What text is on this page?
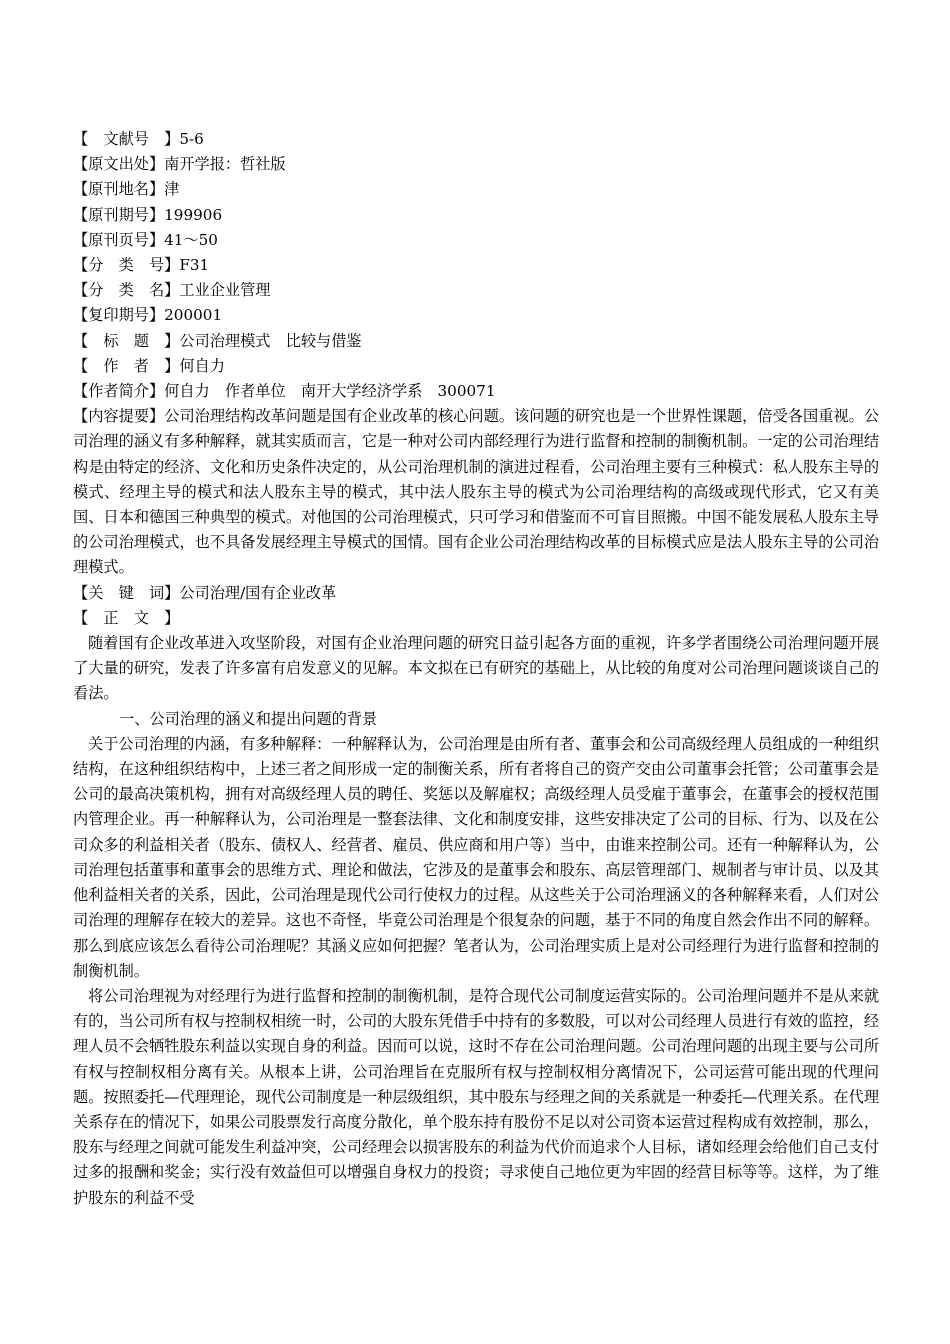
【　文献号　】5-6
【原文出处】南开学报：哲社版
【原刊地名】津
【原刊期号】199906
【原刊页号】41～50
【分　类　号】F31
【分　类　名】工业企业管理
【复印期号】200001
【　标　题　】公司治理模式　比较与借鉴
【　作　者　】何自力
【作者简介】何自力　作者单位　南开大学经济学系　300071
【内容提要】公司治理结构改革问题是国有企业改革的核心问题。该问题的研究也是一个世界性课题，倍受各国重视。公司治理的涵义有多种解释，就其实质而言，它是一种对公司内部经理行为进行监督和控制的制衡机制。一定的公司治理结构是由特定的经济、文化和历史条件决定的，从公司治理机制的演进过程看，公司治理主要有三种模式：私人股东主导的模式、经理主导的模式和法人股东主导的模式，其中法人股东主导的模式为公司治理结构的高级或现代形式，它又有美国、日本和德国三种典型的模式。对他国的公司治理模式，只可学习和借鉴而不可盲目照搬。中国不能发展私人股东主导的公司治理模式，也不具备发展经理主导模式的国情。国有企业公司治理结构改革的目标模式应是法人股东主导的公司治理模式。
【关　键　词】公司治理/国有企业改革
【　正　文　】
随着国有企业改革进入攻坚阶段，对国有企业治理问题的研究日益引起各方面的重视，许多学者围绕公司治理问题开展了大量的研究，发表了许多富有启发意义的见解。本文拟在已有研究的基础上，从比较的角度对公司治理问题谈谈自己的看法。
一、公司治理的涵义和提出问题的背景
关于公司治理的内涵，有多种解释：一种解释认为，公司治理是由所有者、董事会和公司高级经理人员组成的一种组织结构，在这种组织结构中，上述三者之间形成一定的制衡关系，所有者将自己的资产交由公司董事会托管；公司董事会是公司的最高决策机构，拥有对高级经理人员的聘任、奖惩以及解雇权；高级经理人员受雇于董事会，在董事会的授权范围内管理企业。再一种解释认为，公司治理是一整套法律、文化和制度安排，这些安排决定了公司的目标、行为、以及在公司众多的利益相关者（股东、债权人、经营者、雇员、供应商和用户等）当中，由谁来控制公司。还有一种解释认为，公司治理包括董事和董事会的思维方式、理论和做法，它涉及的是董事会和股东、高层管理部门、规制者与审计员、以及其他利益相关者的关系，因此，公司治理是现代公司行使权力的过程。从这些关于公司治理涵义的各种解释来看，人们对公司治理的理解存在较大的差异。这也不奇怪，毕竟公司治理是个很复杂的问题，基于不同的角度自然会作出不同的解释。那么到底应该怎么看待公司治理呢？其涵义应如何把握？笔者认为，公司治理实质上是对公司经理行为进行监督和控制的制衡机制。
将公司治理视为对经理行为进行监督和控制的制衡机制，是符合现代公司制度运营实际的。公司治理问题并不是从来就有的，当公司所有权与控制权相统一时，公司的大股东凭借手中持有的多数股，可以对公司经理人员进行有效的监控，经理人员不会牺牲股东利益以实现自身的利益。因而可以说，这时不存在公司治理问题。公司治理问题的出现主要与公司所有权与控制权相分离有关。从根本上讲，公司治理旨在克服所有权与控制权相分离情况下，公司运营可能出现的代理问题。按照委托—代理理论，现代公司制度是一种层级组织，其中股东与经理之间的关系就是一种委托—代理关系。在代理关系存在的情况下，如果公司股票发行高度分散化，单个股东持有股份不足以对公司资本运营过程构成有效控制，那么，股东与经理之间就可能发生利益冲突，公司经理会以损害股东的利益为代价而追求个人目标，诸如经理会给他们自己支付过多的报酬和奖金；实行没有效益但可以增强自身权力的投资；寻求使自己地位更为牢固的经营目标等等。这样，为了维护股东的利益不受
